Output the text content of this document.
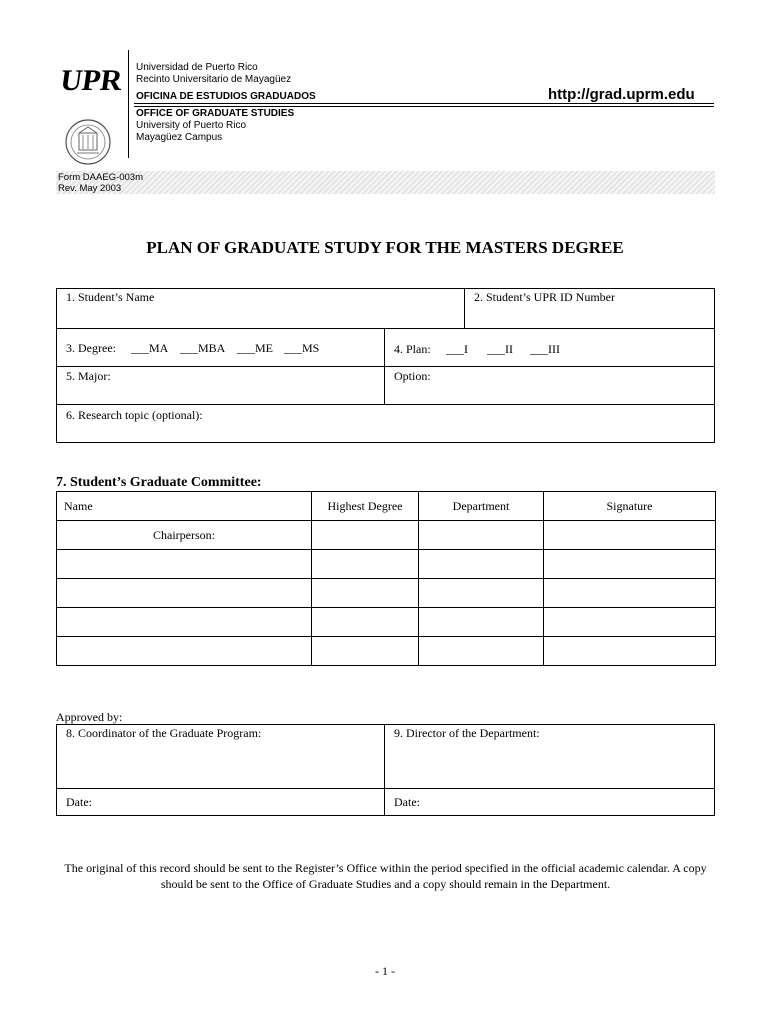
UPR Universidad de Puerto Rico
Recinto Universitario de Mayagüez
OFICINA DE ESTUDIOS GRADUADOS	http://grad.uprm.edu
OFFICE OF GRADUATE STUDIES
University of Puerto Rico
Mayagüez Campus
Form DAAEG-003m
Rev. May 2003
PLAN OF GRADUATE STUDY FOR THE MASTERS DEGREE
1. Student’s Name	2. Student’s UPR ID Number
3. Degree: ___MA ___MBA ___ME ___MS	4. Plan: ___I ___II ___III
5. Major:	Option:
6. Research topic (optional):
7. Student’s Graduate Committee:
Name	Highest Degree	Department	Signature
Chairperson:			

Approved by:
8. Coordinator of the Graduate Program:	9. Director of the Department:
Date:	Date:
The original of this record should be sent to the Register’s Office within the period specified in the official academic calendar. A copy should be sent to the Office of Graduate Studies and a copy should remain in the Department.
- 1 -
